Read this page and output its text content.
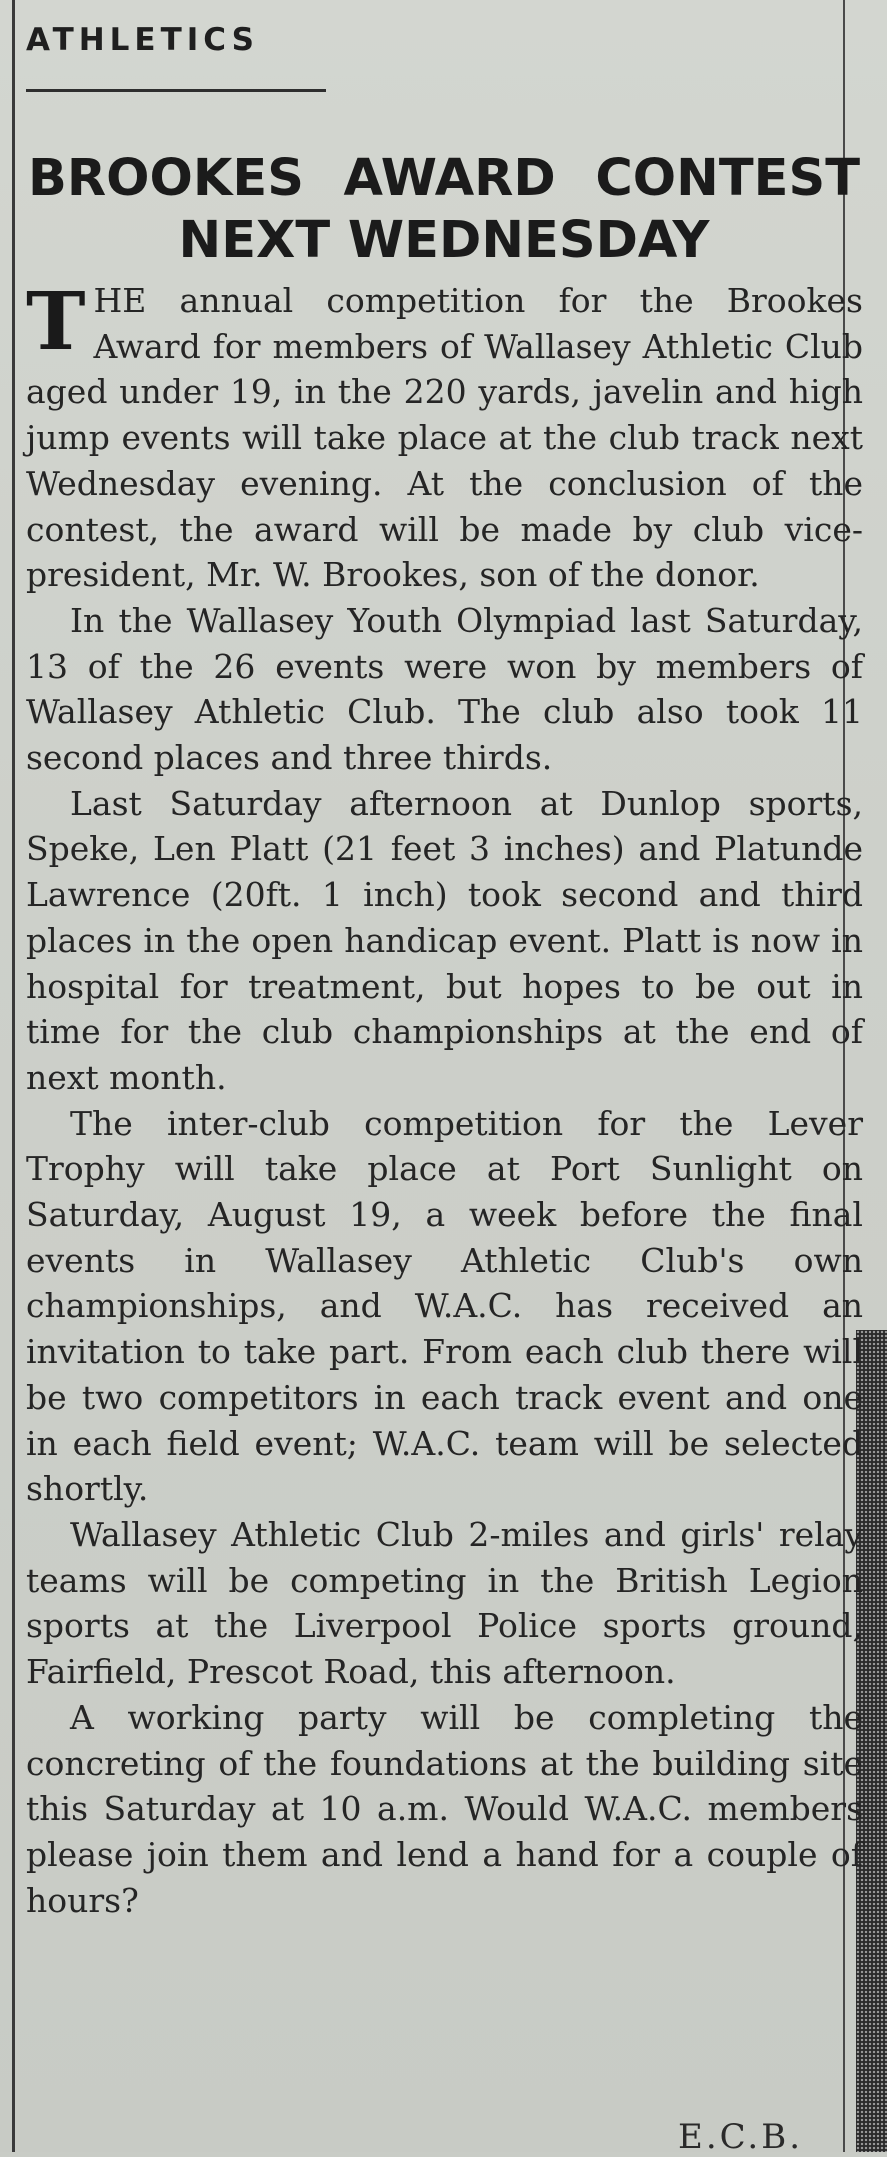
ATHLETICS
BROOKES AWARD CONTEST
NEXT WEDNESDAY

THE annual competition for the Brookes Award for members of Wallasey Athletic Club aged under 19, in the 220 yards, javelin and high jump events will take place at the club track next Wednesday evening. At the conclusion of the contest, the award will be made by club vice-president, Mr. W. Brookes, son of the donor.

In the Wallasey Youth Olympiad last Saturday, 13 of the 26 events were won by members of Wallasey Athletic Club. The club also took 11 second places and three thirds.

Last Saturday afternoon at Dunlop sports, Speke, Len Platt (21 feet 3 inches) and Platunde Lawrence (20ft. 1 inch) took second and third places in the open handicap event. Platt is now in hospital for treatment, but hopes to be out in time for the club championships at the end of next month.

The inter-club competition for the Lever Trophy will take place at Port Sunlight on Saturday, August 19, a week before the final events in Wallasey Athletic Club's own championships, and W.A.C. has received an invitation to take part. From each club there will be two competitors in each track event and one in each field event; W.A.C. team will be selected shortly.

Wallasey Athletic Club 2-miles and girls' relay teams will be competing in the British Legion sports at the Liverpool Police sports ground, Fairfield, Prescot Road, this afternoon.

A working party will be completing the concreting of the foundations at the building site this Saturday at 10 a.m. Would W.A.C. members please join them and lend a hand for a couple of hours?

E.C.B.
